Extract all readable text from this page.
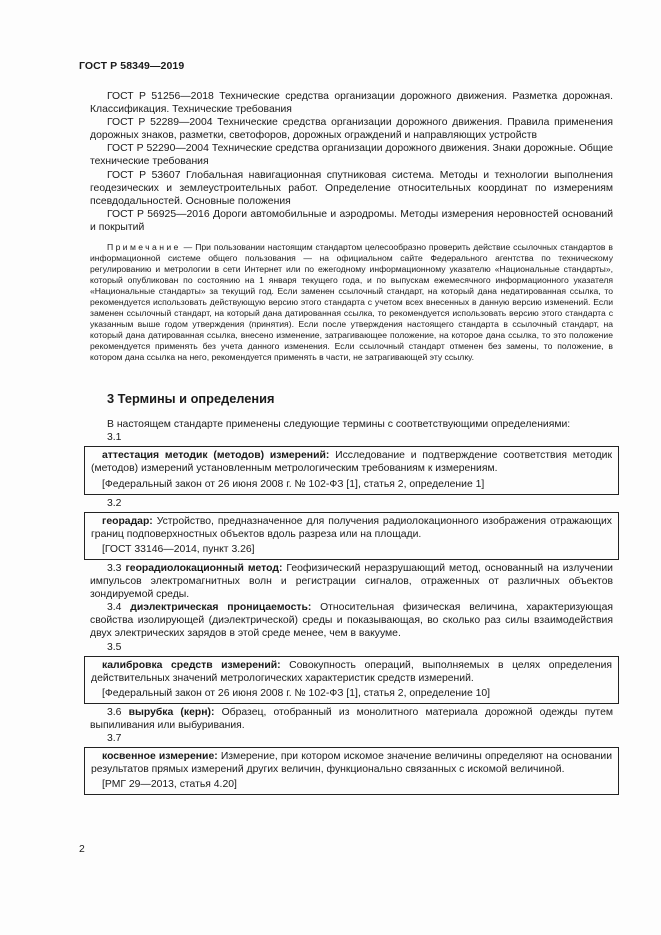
ГОСТ Р 58349—2019

ГОСТ Р 51256—2018 Технические средства организации дорожного движения. Разметка дорожная. Классификация. Технические требования

ГОСТ Р 52289—2004 Технические средства организации дорожного движения. Правила применения дорожных знаков, разметки, светофоров, дорожных ограждений и направляющих устройств

ГОСТ Р 52290—2004 Технические средства организации дорожного движения. Знаки дорожные. Общие технические требования

ГОСТ Р 53607 Глобальная навигационная спутниковая система. Методы и технологии выполнения геодезических и землеустроительных работ. Определение относительных координат по измерениям псевдодальностей. Основные положения

ГОСТ Р 56925—2016 Дороги автомобильные и аэродромы. Методы измерения неровностей оснований и покрытий

Примечание — При пользовании настоящим стандартом целесообразно проверить действие ссылочных стандартов в информационной системе общего пользования — на официальном сайте Федерального агентства по техническому регулированию и метрологии в сети Интернет или по ежегодному информационному указателю «Национальные стандарты», который опубликован по состоянию на 1 января текущего года, и по выпускам ежемесячного информационного указателя «Национальные стандарты» за текущий год. Если заменен ссылочный стандарт, на который дана недатированная ссылка, то рекомендуется использовать действующую версию этого стандарта с учетом всех внесенных в данную версию изменений. Если заменен ссылочный стандарт, на который дана датированная ссылка, то рекомендуется использовать версию этого стандарта с указанным выше годом утверждения (принятия). Если после утверждения настоящего стандарта в ссылочный стандарт, на который дана датированная ссылка, внесено изменение, затрагивающее положение, на которое дана ссылка, то это положение рекомендуется применять без учета данного изменения. Если ссылочный стандарт отменен без замены, то положение, в котором дана ссылка на него, рекомендуется применять в части, не затрагивающей эту ссылку.

3 Термины и определения

В настоящем стандарте применены следующие термины с соответствующими определениями:

3.1

аттестация методик (методов) измерений: Исследование и подтверждение соответствия методик (методов) измерений установленным метрологическим требованиям к измерениям.

[Федеральный закон от 26 июня 2008 г. № 102-ФЗ [1], статья 2, определение 1]
3.2

георадар: Устройство, предназначенное для получения радиолокационного изображения отражающих границ подповерхностных объектов вдоль разреза или на площади.

[ГОСТ 33146—2014, пункт 3.26]

3.3 георадиолокационный метод: Геофизический неразрушающий метод, основанный на излучении импульсов электромагнитных волн и регистрации сигналов, отраженных от различных объектов зондируемой среды.

3.4 диэлектрическая проницаемость: Относительная физическая величина, характеризующая свойства изолирующей (диэлектрической) среды и показывающая, во сколько раз силы взаимодействия двух электрических зарядов в этой среде менее, чем в вакууме.

3.5

калибровка средств измерений: Совокупность операций, выполняемых в целях определения действительных значений метрологических характеристик средств измерений.

[Федеральный закон от 26 июня 2008 г. № 102-ФЗ [1], статья 2, определение 10]

3.6 вырубка (керн): Образец, отобранный из монолитного материала дорожной одежды путем выпиливания или выбуривания.

3.7

косвенное измерение: Измерение, при котором искомое значение величины определяют на основании результатов прямых измерений других величин, функционально связанных с искомой величиной.

[РМГ 29—2013, статья 4.20]
2
